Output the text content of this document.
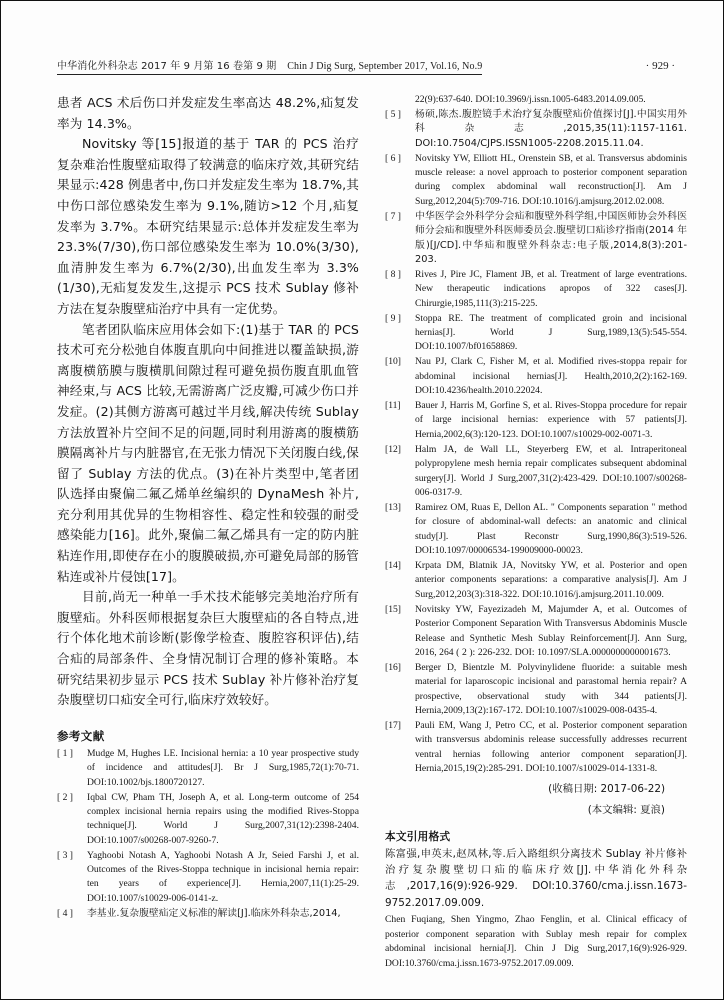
中华消化外科杂志 2017 年 9 月第 16 卷第 9 期 Chin J Dig Surg, September 2017, Vol.16, No.9	· 929 ·

患者 ACS 术后伤口并发症发生率高达 48.2%,疝复发率为 14.3%。

Novitsky 等[15]报道的基于 TAR 的 PCS 治疗复杂难治性腹壁疝取得了较满意的临床疗效,其研究结果显示:428 例患者中,伤口并发症发生率为 18.7%,其中伤口部位感染发生率为 9.1%,随访>12 个月,疝复发率为 3.7%。本研究结果显示:总体并发症发生率为 23.3%(7/30),伤口部位感染发生率为 10.0%(3/30),血清肿发生率为 6.7%(2/30),出血发生率为 3.3%(1/30),无疝复发发生,这提示 PCS 技术 Sublay 修补方法在复杂腹壁疝治疗中具有一定优势。

笔者团队临床应用体会如下:(1)基于 TAR 的 PCS 技术可充分松弛自体腹直肌向中间推进以覆盖缺损,游离腹横筋膜与腹横肌间隙过程可避免损伤腹直肌血管神经束,与 ACS 比较,无需游离广泛皮瓣,可减少伤口并发症。(2)其侧方游离可越过半月线,解决传统 Sublay 方法放置补片空间不足的问题,同时利用游离的腹横筋膜隔离补片与内脏器官,在无张力情况下关闭腹白线,保留了 Sublay 方法的优点。(3)在补片类型中,笔者团队选择由聚偏二氟乙烯单丝编织的 DynaMesh 补片,充分利用其优异的生物相容性、稳定性和较强的耐受感染能力[16]。此外,聚偏二氟乙烯具有一定的防内脏粘连作用,即使存在小的腹膜破损,亦可避免局部的肠管粘连或补片侵蚀[17]。

目前,尚无一种单一手术技术能够完美地治疗所有腹壁疝。外科医师根据复杂巨大腹壁疝的各自特点,进行个体化地术前诊断(影像学检查、腹腔容积评估),结合疝的局部条件、全身情况制订合理的修补策略。本研究结果初步显示 PCS 技术 Sublay 补片修补治疗复杂腹壁切口疝安全可行,临床疗效较好。

参考文献
[ 1 ]	Mudge M, Hughes LE. Incisional hernia: a 10 year prospective study of incidence and attitudes[J]. Br J Surg,1985,72(1):70-71. DOI:10.1002/bjs.1800720127.
[ 2 ]	Iqbal CW, Pham TH, Joseph A, et al. Long-term outcome of 254 complex incisional hernia repairs using the modified Rives-Stoppa technique[J]. World J Surg,2007,31(12):2398-2404. DOI:10.1007/s00268-007-9260-7.
[ 3 ]	Yaghoobi Notash A, Yaghoobi Notash A Jr, Seied Farshi J, et al. Outcomes of the Rives-Stoppa technique in incisional hernia repair: ten years of experience[J]. Hernia,2007,11(1):25-29. DOI:10.1007/s10029-006-0141-z.
[ 4 ]	李基业.复杂腹壁疝定义标准的解读[J].临床外科杂志,2014,
22(9):637-640. DOI:10.3969/j.issn.1005-6483.2014.09.005.
[ 5 ]	杨硕,陈杰.腹腔镜手术治疗复杂腹壁疝价值探讨[J].中国实用外科杂志,2015,35(11):1157-1161. DOI:10.7504/CJPS.ISSN1005-2208.2015.11.04.
[ 6 ]	Novitsky YW, Elliott HL, Orenstein SB, et al. Transversus abdominis muscle release: a novel approach to posterior component separation during complex abdominal wall reconstruction[J]. Am J Surg,2012,204(5):709-716. DOI:10.1016/j.amjsurg.2012.02.008.
[ 7 ]	中华医学会外科学分会疝和腹壁外科学组,中国医师协会外科医师分会疝和腹壁外科医师委员会.腹壁切口疝诊疗指南(2014 年版)[J/CD].中华疝和腹壁外科杂志:电子版,2014,8(3):201-203.
[ 8 ]	Rives J, Pire JC, Flament JB, et al. Treatment of large eventrations. New therapeutic indications apropos of 322 cases[J]. Chirurgie,1985,111(3):215-225.
[ 9 ]	Stoppa RE. The treatment of complicated groin and incisional hernias[J]. World J Surg,1989,13(5):545-554. DOI:10.1007/bf01658869.
[10]	Nau PJ, Clark C, Fisher M, et al. Modified rives-stoppa repair for abdominal incisional hernias[J]. Health,2010,2(2):162-169. DOI:10.4236/health.2010.22024.
[11]	Bauer J, Harris M, Gorfine S, et al. Rives-Stoppa procedure for repair of large incisional hernias: experience with 57 patients[J]. Hernia,2002,6(3):120-123. DOI:10.1007/s10029-002-0071-3.
[12]	Halm JA, de Wall LL, Steyerberg EW, et al. Intraperitoneal polypropylene mesh hernia repair complicates subsequent abdominal surgery[J]. World J Surg,2007,31(2):423-429. DOI:10.1007/s00268-006-0317-9.
[13]	Ramirez OM, Ruas E, Dellon AL. " Components separation " method for closure of abdominal-wall defects: an anatomic and clinical study[J]. Plast Reconstr Surg,1990,86(3):519-526. DOI:10.1097/00006534-199009000-00023.
[14]	Krpata DM, Blatnik JA, Novitsky YW, et al. Posterior and open anterior components separations: a comparative analysis[J]. Am J Surg,2012,203(3):318-322. DOI:10.1016/j.amjsurg.2011.10.009.
[15]	Novitsky YW, Fayezizadeh M, Majumder A, et al. Outcomes of Posterior Component Separation With Transversus Abdominis Muscle Release and Synthetic Mesh Sublay Reinforcement[J]. Ann Surg, 2016, 264 ( 2 ): 226-232. DOI: 10.1097/SLA.0000000000001673.
[16]	Berger D, Bientzle M. Polyvinylidene fluoride: a suitable mesh material for laparoscopic incisional and parastomal hernia repair? A prospective, observational study with 344 patients[J]. Hernia,2009,13(2):167-172. DOI:10.1007/s10029-008-0435-4.
[17]	Pauli EM, Wang J, Petro CC, et al. Posterior component separation with transversus abdominis release successfully addresses recurrent ventral hernias following anterior component separation[J]. Hernia,2015,19(2):285-291. DOI:10.1007/s10029-014-1331-8.
(收稿日期: 2017-06-22)
(本文编辑: 夏浪)
本文引用格式
陈富强,申英末,赵凤林,等.后入路组织分离技术 Sublay 补片修补治疗复杂腹壁切口疝的临床疗效[J].中华消化外科杂志,2017,16(9):926-929. DOI:10.3760/cma.j.issn.1673-9752.2017.09.009.
Chen Fuqiang, Shen Yingmo, Zhao Fenglin, et al. Clinical efficacy of posterior component separation with Sublay mesh repair for complex abdominal incisional hernia[J]. Chin J Dig Surg,2017,16(9):926-929. DOI:10.3760/cma.j.issn.1673-9752.2017.09.009.
